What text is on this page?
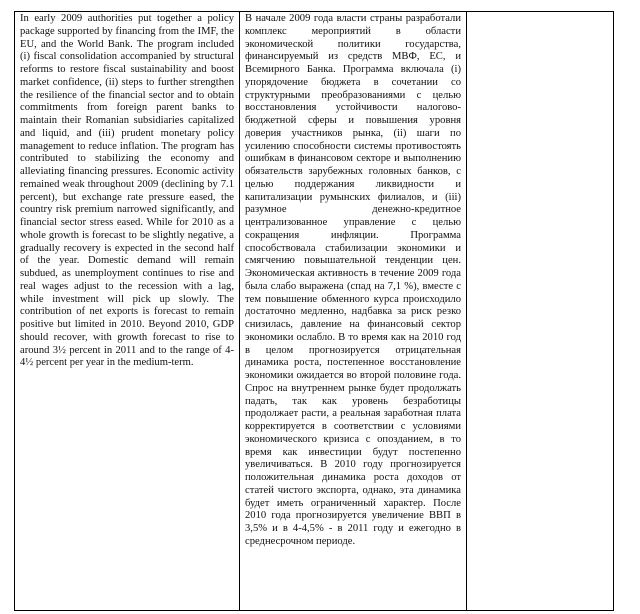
In early 2009 authorities put together a policy package supported by financing from the IMF, the EU, and the World Bank. The program included (i) fiscal consolidation accompanied by structural reforms to restore fiscal sustainability and boost market confidence, (ii) steps to further strengthen the resilience of the financial sector and to obtain commitments from foreign parent banks to maintain their Romanian subsidiaries capitalized and liquid, and (iii) prudent monetary policy management to reduce inflation. The program has contributed to stabilizing the economy and alleviating financing pressures. Economic activity remained weak throughout 2009 (declining by 7.1 percent), but exchange rate pressure eased, the country risk premium narrowed significantly, and financial sector stress eased. While for 2010 as a whole growth is forecast to be slightly negative, a gradually recovery is expected in the second half of the year. Domestic demand will remain subdued, as unemployment continues to rise and real wages adjust to the recession with a lag, while investment will pick up slowly. The contribution of net exports is forecast to remain positive but limited in 2010. Beyond 2010, GDP should recover, with growth forecast to rise to around 3½ percent in 2011 and to the range of 4-4½ percent per year in the medium-term.

В начале 2009 года власти страны разработали комплекс мероприятий в области экономической политики государства, финансируемый из средств МВФ, ЕС, и Всемирного Банка. Программа включала (i) упорядочение бюджета в сочетании со структурными преобразованиями с целью восстановления устойчивости налогово-бюджетной сферы и повышения уровня доверия участников рынка, (ii) шаги по усилению способности системы противостоять ошибкам в финансовом секторе и выполнению обязательств зарубежных головных банков, с целью поддержания ликвидности и капитализации румынских филиалов, и (iii) разумное денежно-кредитное централизованное управление с целью сокращения инфляции. Программа способствовала стабилизации экономики и смягчению повышательной тенденции цен. Экономическая активность в течение 2009 года была слабо выражена (спад на 7,1 %), вместе с тем повышение обменного курса происходило достаточно медленно, надбавка за риск резко снизилась, давление на финансовый сектор экономики ослабло. В то время как на 2010 год в целом прогнозируется отрицательная динамика роста, постепенное восстановление экономики ожидается во второй половине года. Спрос на внутреннем рынке будет продолжать падать, так как уровень безработицы продолжает расти, а реальная заработная плата корректируется в соответствии с условиями экономического кризиса с опозданием, в то время как инвестиции будут постепенно увеличиваться. В 2010 году прогнозируется положительная динамика роста доходов от статей чистого экспорта, однако, эта динамика будет иметь ограниченный характер. После 2010 года прогнозируется увеличение ВВП в 3,5% и в 4-4,5% - в 2011 году и ежегодно в среднесрочном периоде.
